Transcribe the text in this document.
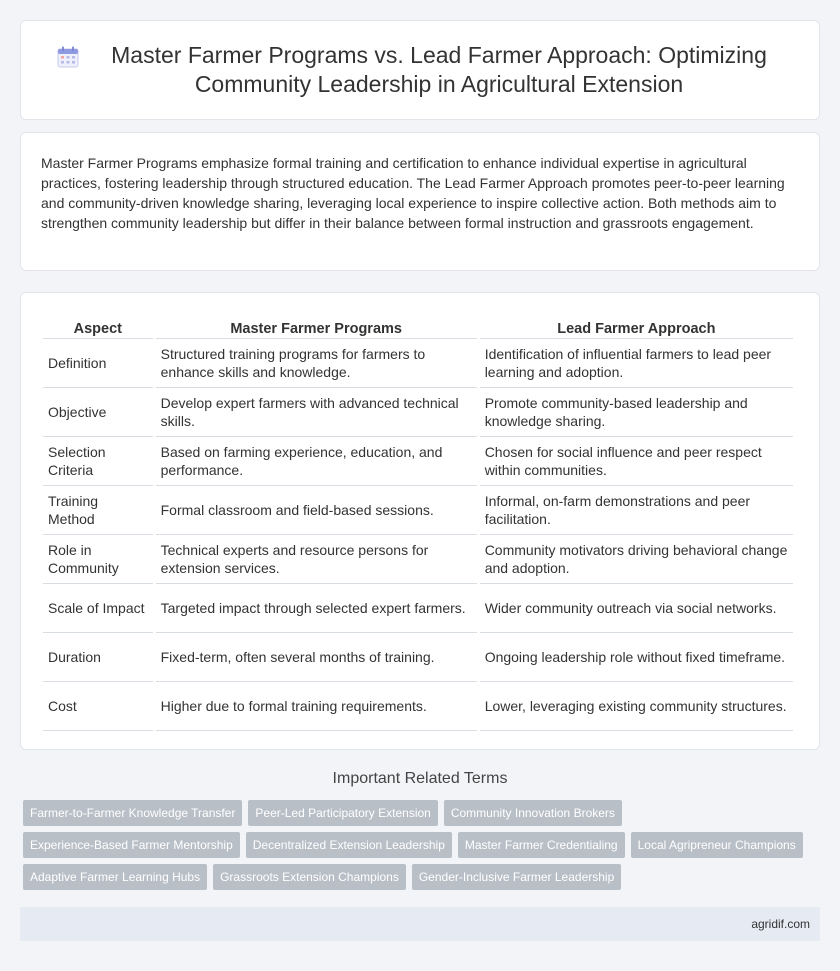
Master Farmer Programs vs. Lead Farmer Approach: Optimizing Community Leadership in Agricultural Extension

Master Farmer Programs emphasize formal training and certification to enhance individual expertise in agricultural practices, fostering leadership through structured education. The Lead Farmer Approach promotes peer-to-peer learning and community-driven knowledge sharing, leveraging local experience to inspire collective action. Both methods aim to strengthen community leadership but differ in their balance between formal instruction and grassroots engagement.

Aspect	Master Farmer Programs	Lead Farmer Approach
Definition	Structured training programs for farmers to enhance skills and knowledge.	Identification of influential farmers to lead peer learning and adoption.
Objective	Develop expert farmers with advanced technical skills.	Promote community-based leadership and knowledge sharing.
Selection Criteria	Based on farming experience, education, and performance.	Chosen for social influence and peer respect within communities.
Training Method	Formal classroom and field-based sessions.	Informal, on-farm demonstrations and peer facilitation.
Role in Community	Technical experts and resource persons for extension services.	Community motivators driving behavioral change and adoption.
Scale of Impact	Targeted impact through selected expert farmers.	Wider community outreach via social networks.
Duration	Fixed-term, often several months of training.	Ongoing leadership role without fixed timeframe.
Cost	Higher due to formal training requirements.	Lower, leveraging existing community structures.
Important Related Terms
Farmer-to-Farmer Knowledge Transfer	Peer-Led Participatory Extension	Community Innovation Brokers
Experience-Based Farmer Mentorship	Decentralized Extension Leadership	Master Farmer Credentialing	Local Agripreneur Champions
Adaptive Farmer Learning Hubs	Grassroots Extension Champions	Gender-Inclusive Farmer Leadership
agridif.com
